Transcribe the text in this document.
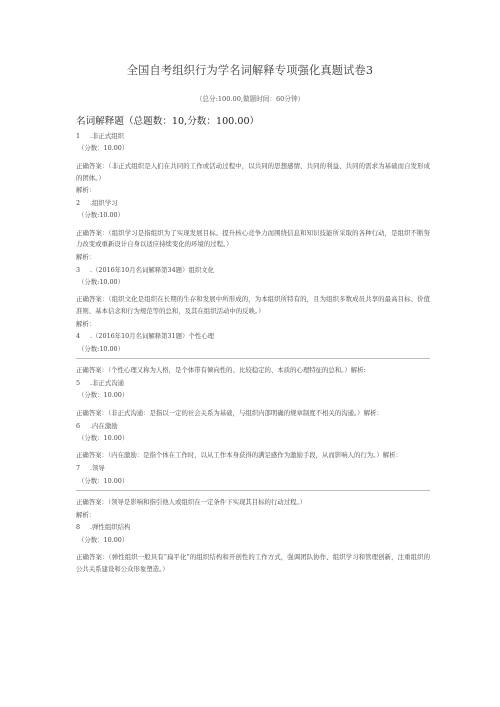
全国自考组织行为学名词解释专项强化真题试卷3
（总分:100.00,做题时间：60分钟）
名词解释题（总题数：10,分数：100.00）
1	.非正式组织
（分数：10.00）
正确答案：（非正式组织是人们在共同的工作或活动过程中，以共同的思想感情、共同的利益、共同的需求为基础而自发形成的团体。）
解析：
2	.组织学习
（分数:10.00）
正确答案：（组织学习是指组织为了实现发展目标、提升核心竞争力而围绕信息和知识技能所采取的各种行动，是组织不断努力改变或重新设计自身以适应持续变化的环境的过程。）
解析：
3	.（2016年10月名词解释第34题）组织文化
（分数:10.00）
正确答案：（组织文化是组织在长期的生存和发展中所形成的，为本组织所特有的，且为组织多数成员共享的最高目标、价值准则、基本信念和行为规范等的总和，及其在组织活动中的反映。）
解析：
4	.（2016年10月名词解释第31题）个性心理
（分数:10.00）
正确答案：（个性心理又称为人格，是个体带有倾向性的、比较稳定的、本质的心理特征的总和。）解析:
5	.非正式沟通
（分数：10.00）
正确答案：（非正式沟通：是指以一定的社会关系为基础，与组织内部明确的规章制度不相关的沟通。）解析：
6	.内在激励
（分数：10.00）
正确答案：（内在激励：是指个体在工作时，以从工作本身获得的满足感作为激励手段，从而影响人的行为。）解析：
7	.领导
（分数：10.00）
正确答案：（领导是影响和指引他人或组织在一定条件下实现其目标的行动过程。）
解析：
8	.弹性组织结构
（分数：10.00）
正确答案：（弹性组织一般具有“扁平化”的组织结构和开创性的工作方式，强调团队协作、组织学习和管理创新，注重组织的公共关系建设和公众形象塑造。）
